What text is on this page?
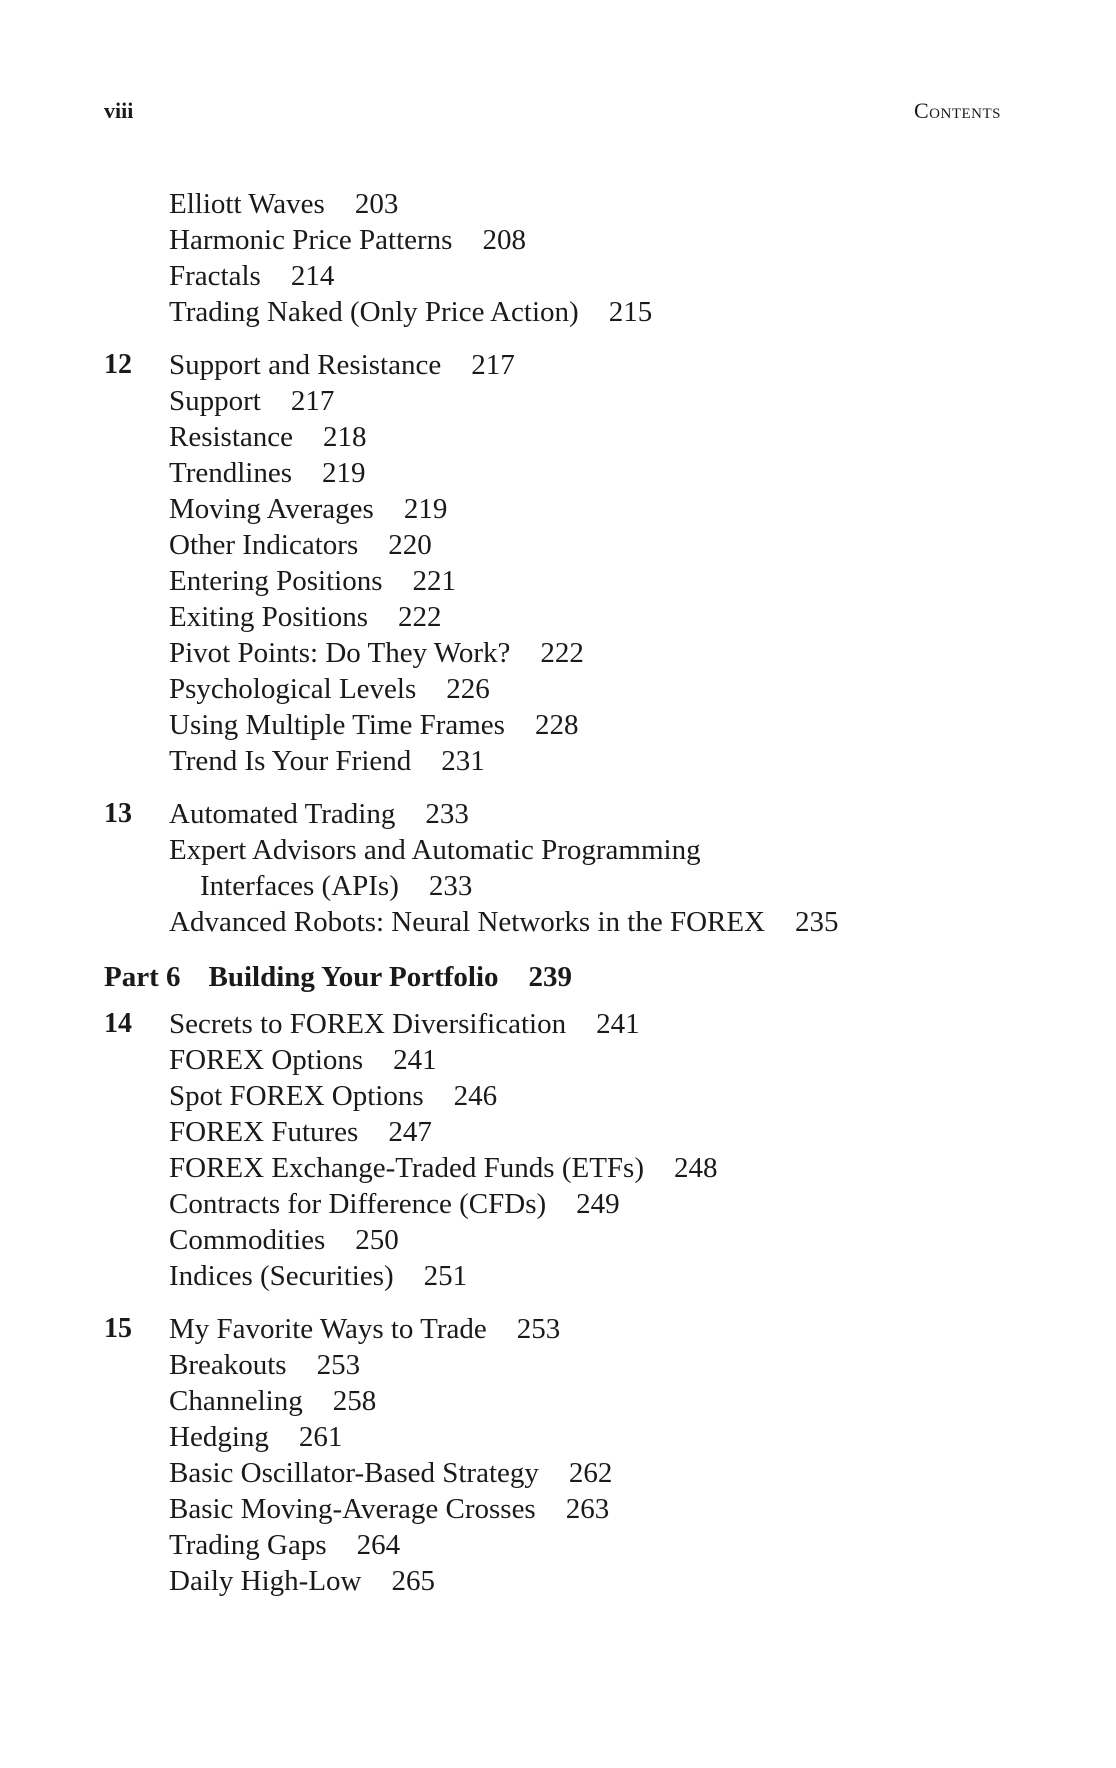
viii	Contents
Elliott Waves 203
Harmonic Price Patterns 208
Fractals 214
Trading Naked (Only Price Action) 215
12 Support and Resistance 217
Support 217
Resistance 218
Trendlines 219
Moving Averages 219
Other Indicators 220
Entering Positions 221
Exiting Positions 222
Pivot Points: Do They Work? 222
Psychological Levels 226
Using Multiple Time Frames 228
Trend Is Your Friend 231
13 Automated Trading 233
Expert Advisors and Automatic Programming
Interfaces (APIs) 233
Advanced Robots: Neural Networks in the FOREX 235
Part 6 Building Your Portfolio 239
14 Secrets to FOREX Diversification 241
FOREX Options 241
Spot FOREX Options 246
FOREX Futures 247
FOREX Exchange-Traded Funds (ETFs) 248
Contracts for Difference (CFDs) 249
Commodities 250
Indices (Securities) 251
15 My Favorite Ways to Trade 253
Breakouts 253
Channeling 258
Hedging 261
Basic Oscillator-Based Strategy 262
Basic Moving-Average Crosses 263
Trading Gaps 264
Daily High-Low 265
